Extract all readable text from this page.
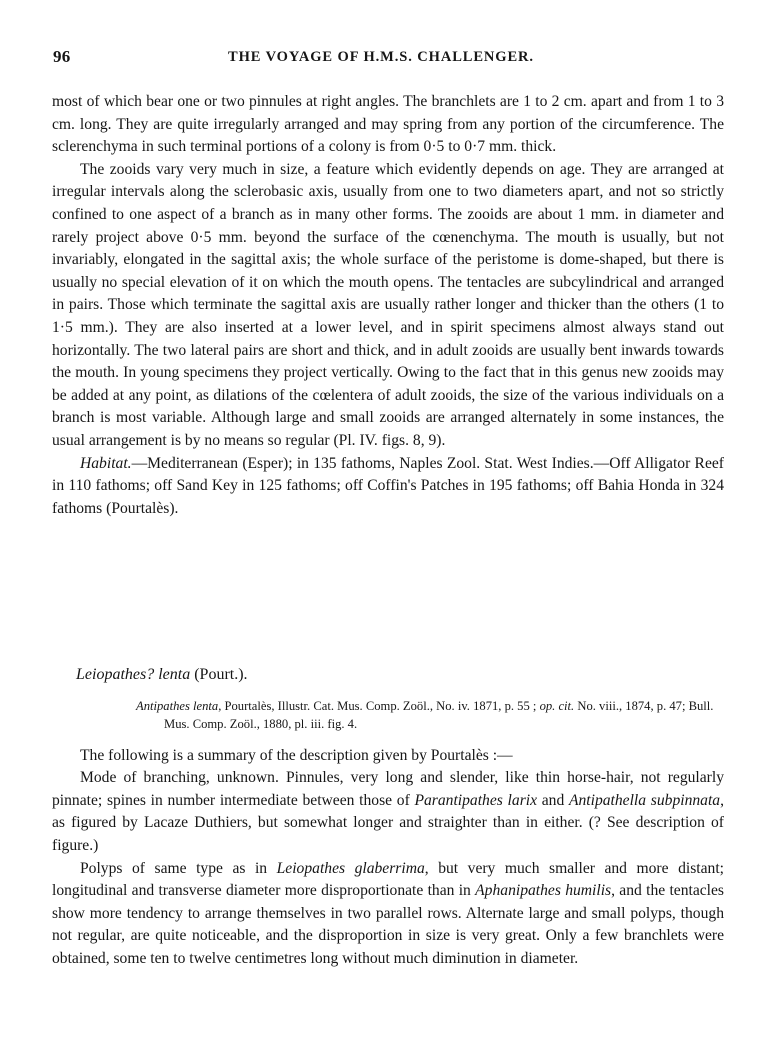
96	THE VOYAGE OF H.M.S. CHALLENGER.

most of which bear one or two pinnules at right angles. The branchlets are 1 to 2 cm. apart and from 1 to 3 cm. long. They are quite irregularly arranged and may spring from any portion of the circumference. The sclerenchyma in such terminal portions of a colony is from 0·5 to 0·7 mm. thick.

The zooids vary very much in size, a feature which evidently depends on age. They are arranged at irregular intervals along the sclerobasic axis, usually from one to two diameters apart, and not so strictly confined to one aspect of a branch as in many other forms. The zooids are about 1 mm. in diameter and rarely project above 0·5 mm. beyond the surface of the cœnenchyma. The mouth is usually, but not invariably, elongated in the sagittal axis; the whole surface of the peristome is dome-shaped, but there is usually no special elevation of it on which the mouth opens. The tentacles are subcylindrical and arranged in pairs. Those which terminate the sagittal axis are usually rather longer and thicker than the others (1 to 1·5 mm.). They are also inserted at a lower level, and in spirit specimens almost always stand out horizontally. The two lateral pairs are short and thick, and in adult zooids are usually bent inwards towards the mouth. In young specimens they project vertically. Owing to the fact that in this genus new zooids may be added at any point, as dilations of the cœlentera of adult zooids, the size of the various individuals on a branch is most variable. Although large and small zooids are arranged alternately in some instances, the usual arrangement is by no means so regular (Pl. IV. figs. 8, 9).

Habitat.—Mediterranean (Esper); in 135 fathoms, Naples Zool. Stat. West Indies.—Off Alligator Reef in 110 fathoms; off Sand Key in 125 fathoms; off Coffin's Patches in 195 fathoms; off Bahia Honda in 324 fathoms (Pourtalès).

Leiopathes? lenta (Pourt.).

Antipathes lenta, Pourtalès, Illustr. Cat. Mus. Comp. Zoöl., No. iv. 1871, p. 55 ; op. cit. No. viii., 1874, p. 47; Bull. Mus. Comp. Zoöl., 1880, pl. iii. fig. 4.

The following is a summary of the description given by Pourtalès :—

Mode of branching, unknown. Pinnules, very long and slender, like thin horse-hair, not regularly pinnate; spines in number intermediate between those of Parantipathes larix and Antipathella subpinnata, as figured by Lacaze Duthiers, but somewhat longer and straighter than in either. (? See description of figure.)

Polyps of same type as in Leiopathes glaberrima, but very much smaller and more distant; longitudinal and transverse diameter more disproportionate than in Aphanipathes humilis, and the tentacles show more tendency to arrange themselves in two parallel rows. Alternate large and small polyps, though not regular, are quite noticeable, and the disproportion in size is very great. Only a few branchlets were obtained, some ten to twelve centimetres long without much diminution in diameter.
